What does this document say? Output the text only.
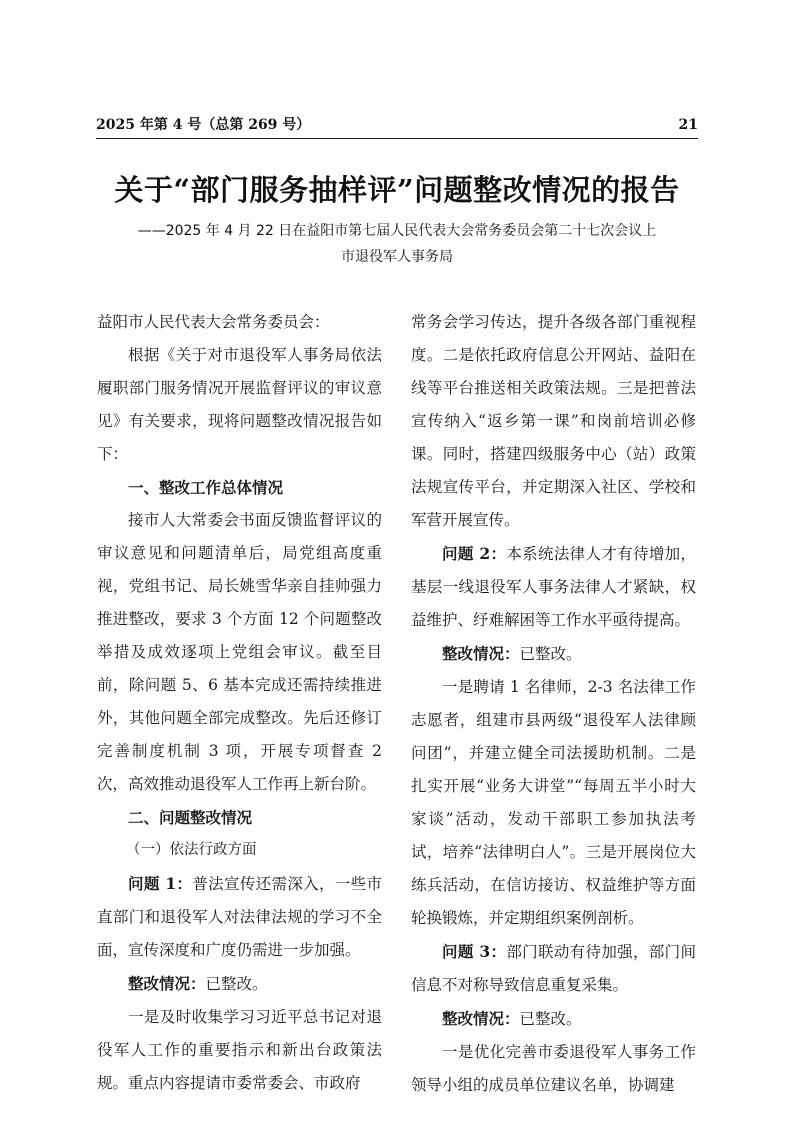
2025 年第 4 号（总第 269 号）	21
关于“部门服务抽样评”问题整改情况的报告
——2025 年 4 月 22 日在益阳市第七届人民代表大会常务委员会第二十七次会议上
市退役军人事务局

益阳市人民代表大会常务委员会：

根据《关于对市退役军人事务局依法履职部门服务情况开展监督评议的审议意见》有关要求，现将问题整改情况报告如下：

一、整改工作总体情况

接市人大常委会书面反馈监督评议的审议意见和问题清单后，局党组高度重视，党组书记、局长姚雪华亲自挂帅强力推进整改，要求 3 个方面 12 个问题整改举措及成效逐项上党组会审议。截至目前，除问题 5、6 基本完成还需持续推进外，其他问题全部完成整改。先后还修订完善制度机制 3 项，开展专项督查 2 次，高效推动退役军人工作再上新台阶。

二、问题整改情况

（一）依法行政方面

问题 1：普法宣传还需深入，一些市直部门和退役军人对法律法规的学习不全面，宣传深度和广度仍需进一步加强。

整改情况：已整改。

一是及时收集学习习近平总书记对退役军人工作的重要指示和新出台政策法规。重点内容提请市委常委会、市政府

常务会学习传达，提升各级各部门重视程度。二是依托政府信息公开网站、益阳在线等平台推送相关政策法规。三是把普法宣传纳入“返乡第一课”和岗前培训必修课。同时，搭建四级服务中心（站）政策法规宣传平台，并定期深入社区、学校和军营开展宣传。

问题 2：本系统法律人才有待增加，基层一线退役军人事务法律人才紧缺，权益维护、纾难解困等工作水平亟待提高。

整改情况：已整改。

一是聘请 1 名律师，2-3 名法律工作志愿者，组建市县两级“退役军人法律顾问团”，并建立健全司法援助机制。二是扎实开展“业务大讲堂”“每周五半小时大家谈”活动，发动干部职工参加执法考试，培养“法律明白人”。三是开展岗位大练兵活动，在信访接访、权益维护等方面轮换锻炼，并定期组织案例剖析。

问题 3：部门联动有待加强，部门间信息不对称导致信息重复采集。

整改情况：已整改。

一是优化完善市委退役军人事务工作领导小组的成员单位建议名单，协调建
